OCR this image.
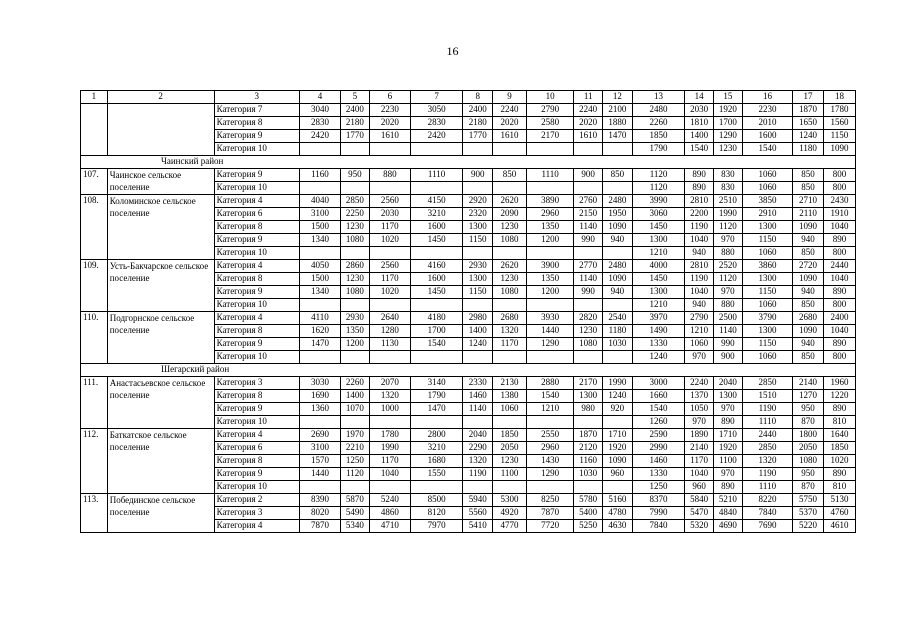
16
1	2	3	4	5	6	7	8	9	10	11	12	13	14	15	16	17	18
		Категория 7	3040	2400	2230	3050	2400	2240	2790	2240	2100	2480	2030	1920	2230	1870	1780
		Категория 8	2830	2180	2020	2830	2180	2020	2580	2020	1880	2260	1810	1700	2010	1650	1560
		Категория 9	2420	1770	1610	2420	1770	1610	2170	1610	1470	1850	1400	1290	1600	1240	1150
		Категория 10										1790	1540	1230	1540	1180	1090
Чаинский район																	
107.	Чаинское сельское поселение	Категория 9	1160	950	880	1110	900	850	1110	900	850	1120	890	830	1060	850	800
		Категория 10										1120	890	830	1060	850	800
108.	Коломинское сельское поселение	Категория 4	4040	2850	2560	4150	2920	2620	3890	2760	2480	3990	2810	2510	3850	2710	2430
		Категория 6	3100	2250	2030	3210	2320	2090	2960	2150	1950	3060	2200	1990	2910	2110	1910
		Категория 8	1500	1230	1170	1600	1300	1230	1350	1140	1090	1450	1190	1120	1300	1090	1040
		Категория 9	1340	1080	1020	1450	1150	1080	1200	990	940	1300	1040	970	1150	940	890
		Категория 10										1210	940	880	1060	850	800
109.	Усть-Бакчарское сельское поселение	Категория 4	4050	2860	2560	4160	2930	2620	3900	2770	2480	4000	2810	2520	3860	2720	2440
		Категория 8	1500	1230	1170	1600	1300	1230	1350	1140	1090	1450	1190	1120	1300	1090	1040
		Категория 9	1340	1080	1020	1450	1150	1080	1200	990	940	1300	1040	970	1150	940	890
		Категория 10										1210	940	880	1060	850	800
110.	Подгорнское сельское поселение	Категория 4	4110	2930	2640	4180	2980	2680	3930	2820	2540	3970	2790	2500	3790	2680	2400
		Категория 8	1620	1350	1280	1700	1400	1320	1440	1230	1180	1490	1210	1140	1300	1090	1040
		Категория 9	1470	1200	1130	1540	1240	1170	1290	1080	1030	1330	1060	990	1150	940	890
		Категория 10										1240	970	900	1060	850	800
Шегарский район																	
111.	Анастасьевское сельское поселение	Категория 3	3030	2260	2070	3140	2330	2130	2880	2170	1990	3000	2240	2040	2850	2140	1960
		Категория 8	1690	1400	1320	1790	1460	1380	1540	1300	1240	1660	1370	1300	1510	1270	1220
		Категория 9	1360	1070	1000	1470	1140	1060	1210	980	920	1540	1050	970	1190	950	890
		Категория 10										1260	970	890	1110	870	810
112.	Баткатское сельское поселение	Категория 4	2690	1970	1780	2800	2040	1850	2550	1870	1710	2590	1890	1710	2440	1800	1640
		Категория 6	3100	2210	1990	3210	2290	2050	2960	2120	1920	2990	2140	1920	2850	2050	1850
		Категория 8	1570	1250	1170	1680	1320	1230	1430	1160	1090	1460	1170	1100	1320	1080	1020
		Категория 9	1440	1120	1040	1550	1190	1100	1290	1030	960	1330	1040	970	1190	950	890
		Категория 10										1250	960	890	1110	870	810
113.	Побединское сельское поселение	Категория 2	8390	5870	5240	8500	5940	5300	8250	5780	5160	8370	5840	5210	8220	5750	5130
		Категория 3	8020	5490	4860	8120	5560	4920	7870	5400	4780	7990	5470	4840	7840	5370	4760
		Категория 4	7870	5340	4710	7970	5410	4770	7720	5250	4630	7840	5320	4690	7690	5220	4610
